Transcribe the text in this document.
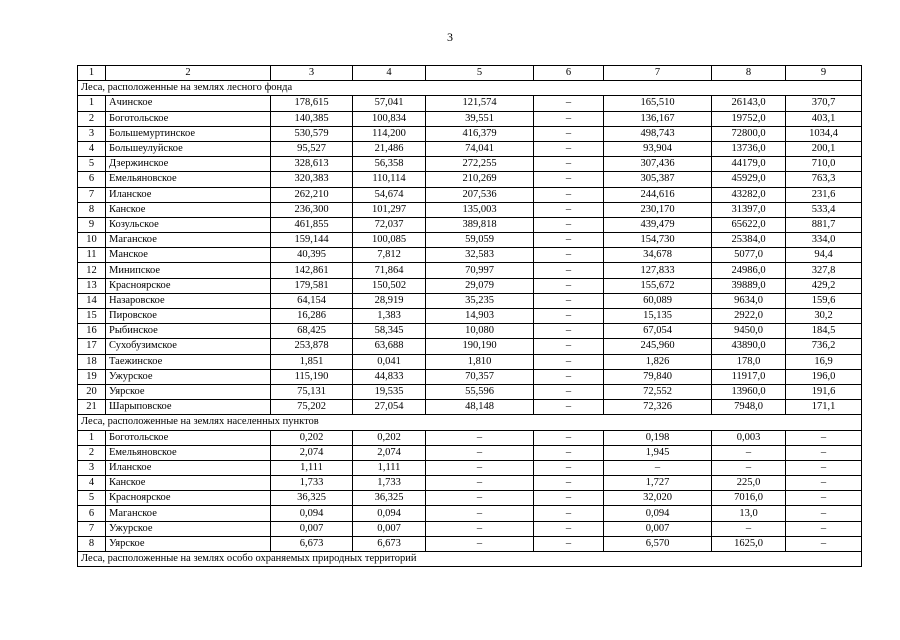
3
1	2	3	4	5	6	7	8	9
Леса, расположенные на землях лесного фонда								
1	Ачинское	178,615	57,041	121,574	–	165,510	26143,0	370,7
2	Боготольское	140,385	100,834	39,551	–	136,167	19752,0	403,1
3	Большемуртинское	530,579	114,200	416,379	–	498,743	72800,0	1034,4
4	Большеулуйское	95,527	21,486	74,041	–	93,904	13736,0	200,1
5	Дзержинское	328,613	56,358	272,255	–	307,436	44179,0	710,0
6	Емельяновское	320,383	110,114	210,269	–	305,387	45929,0	763,3
7	Иланское	262,210	54,674	207,536	–	244,616	43282,0	231,6
8	Канское	236,300	101,297	135,003	–	230,170	31397,0	533,4
9	Козульское	461,855	72,037	389,818	–	439,479	65622,0	881,7
10	Маганское	159,144	100,085	59,059	–	154,730	25384,0	334,0
11	Манское	40,395	7,812	32,583	–	34,678	5077,0	94,4
12	Минипское	142,861	71,864	70,997	–	127,833	24986,0	327,8
13	Красноярское	179,581	150,502	29,079	–	155,672	39889,0	429,2
14	Назаровское	64,154	28,919	35,235	–	60,089	9634,0	159,6
15	Пировское	16,286	1,383	14,903	–	15,135	2922,0	30,2
16	Рыбинское	68,425	58,345	10,080	–	67,054	9450,0	184,5
17	Сухобузимское	253,878	63,688	190,190	–	245,960	43890,0	736,2
18	Таежинское	1,851	0,041	1,810	–	1,826	178,0	16,9
19	Ужурское	115,190	44,833	70,357	–	79,840	11917,0	196,0
20	Уярское	75,131	19,535	55,596	–	72,552	13960,0	191,6
21	Шарыповское	75,202	27,054	48,148	–	72,326	7948,0	171,1
Леса, расположенные на землях населенных пунктов								
1	Боготольское	0,202	0,202	–	–	0,198	0,003	–
2	Емельяновское	2,074	2,074	–	–	1,945	–	–
3	Иланское	1,111	1,111	–	–	–	–	–
4	Канское	1,733	1,733	–	–	1,727	225,0	–
5	Красноярское	36,325	36,325	–	–	32,020	7016,0	–
6	Маганское	0,094	0,094	–	–	0,094	13,0	–
7	Ужурское	0,007	0,007	–	–	0,007	–	–
8	Уярское	6,673	6,673	–	–	6,570	1625,0	–
Леса, расположенные на землях особо охраняемых природных территорий								
